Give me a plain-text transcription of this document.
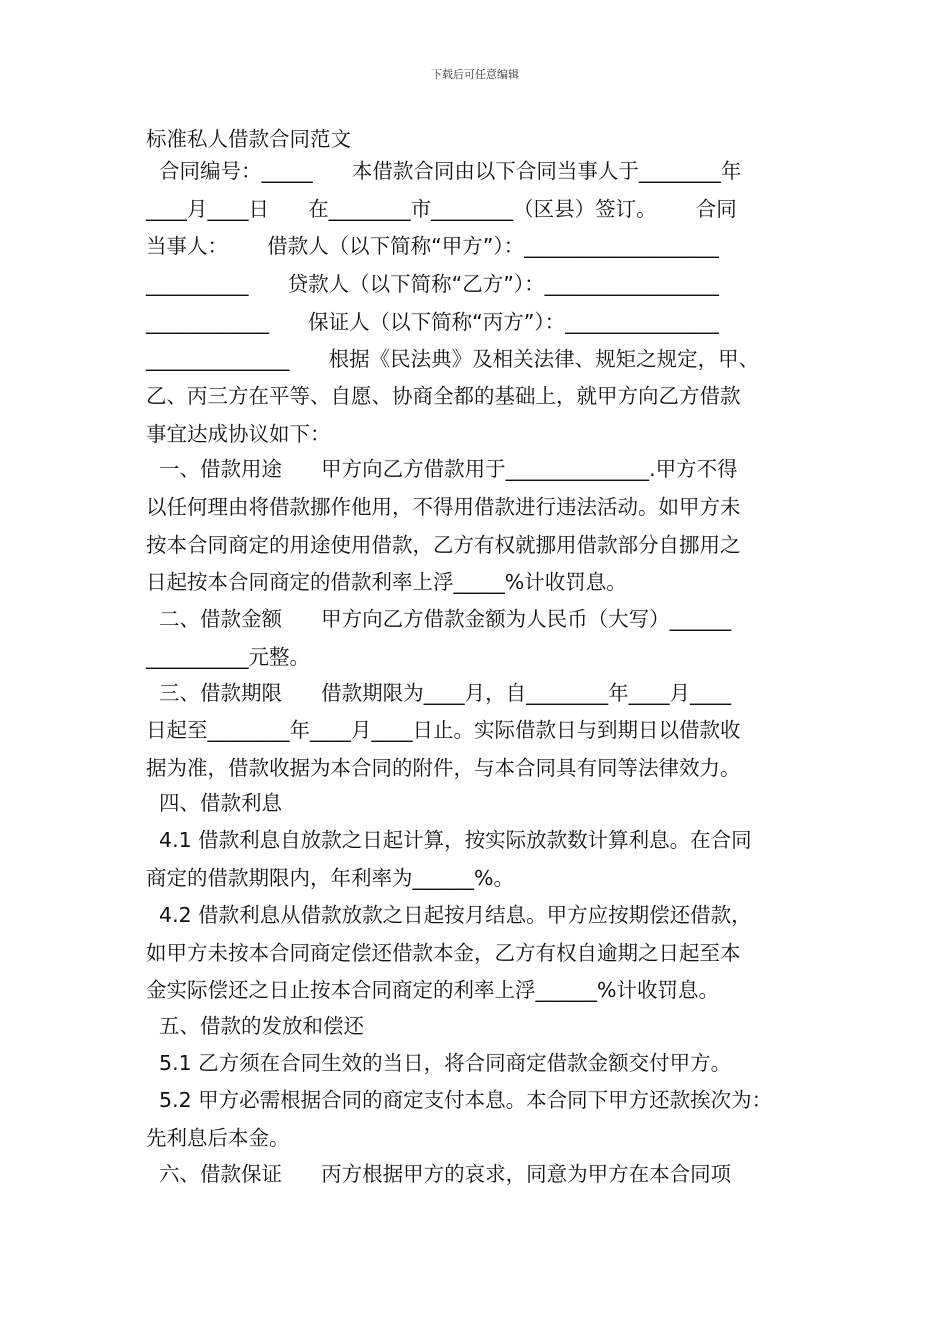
下载后可任意编辑
标准私人借款合同范文
合同编号：_____      本借款合同由以下合同当事人于________年
____月____日      在________市________（区县）签订。      合同
当事人：      借款人（以下简称“甲方”）：___________________
__________      贷款人（以下简称“乙方”）：_________________
____________      保证人（以下简称“丙方”）：_______________
______________      根据《民法典》及相关法律、规矩之规定，甲、
乙、丙三方在平等、自愿、协商全都的基础上，就甲方向乙方借款
事宜达成协议如下：
一、借款用途      甲方向乙方借款用于______________.甲方不得
以任何理由将借款挪作他用，不得用借款进行违法活动。如甲方未
按本合同商定的用途使用借款，乙方有权就挪用借款部分自挪用之
日起按本合同商定的借款利率上浮_____%计收罚息。
二、借款金额      甲方向乙方借款金额为人民币（大写）______
__________元整。
三、借款期限      借款期限为____月，自________年____月____
日起至________年____月____日止。实际借款日与到期日以借款收
据为准，借款收据为本合同的附件，与本合同具有同等法律效力。
四、借款利息
4.1 借款利息自放款之日起计算，按实际放款数计算利息。在合同
商定的借款期限内，年利率为______%。
4.2 借款利息从借款放款之日起按月结息。甲方应按期偿还借款，
如甲方未按本合同商定偿还借款本金，乙方有权自逾期之日起至本
金实际偿还之日止按本合同商定的利率上浮______%计收罚息。
五、借款的发放和偿还
5.1 乙方须在合同生效的当日，将合同商定借款金额交付甲方。
5.2 甲方必需根据合同的商定支付本息。本合同下甲方还款挨次为：
先利息后本金。
六、借款保证      丙方根据甲方的哀求，同意为甲方在本合同项
